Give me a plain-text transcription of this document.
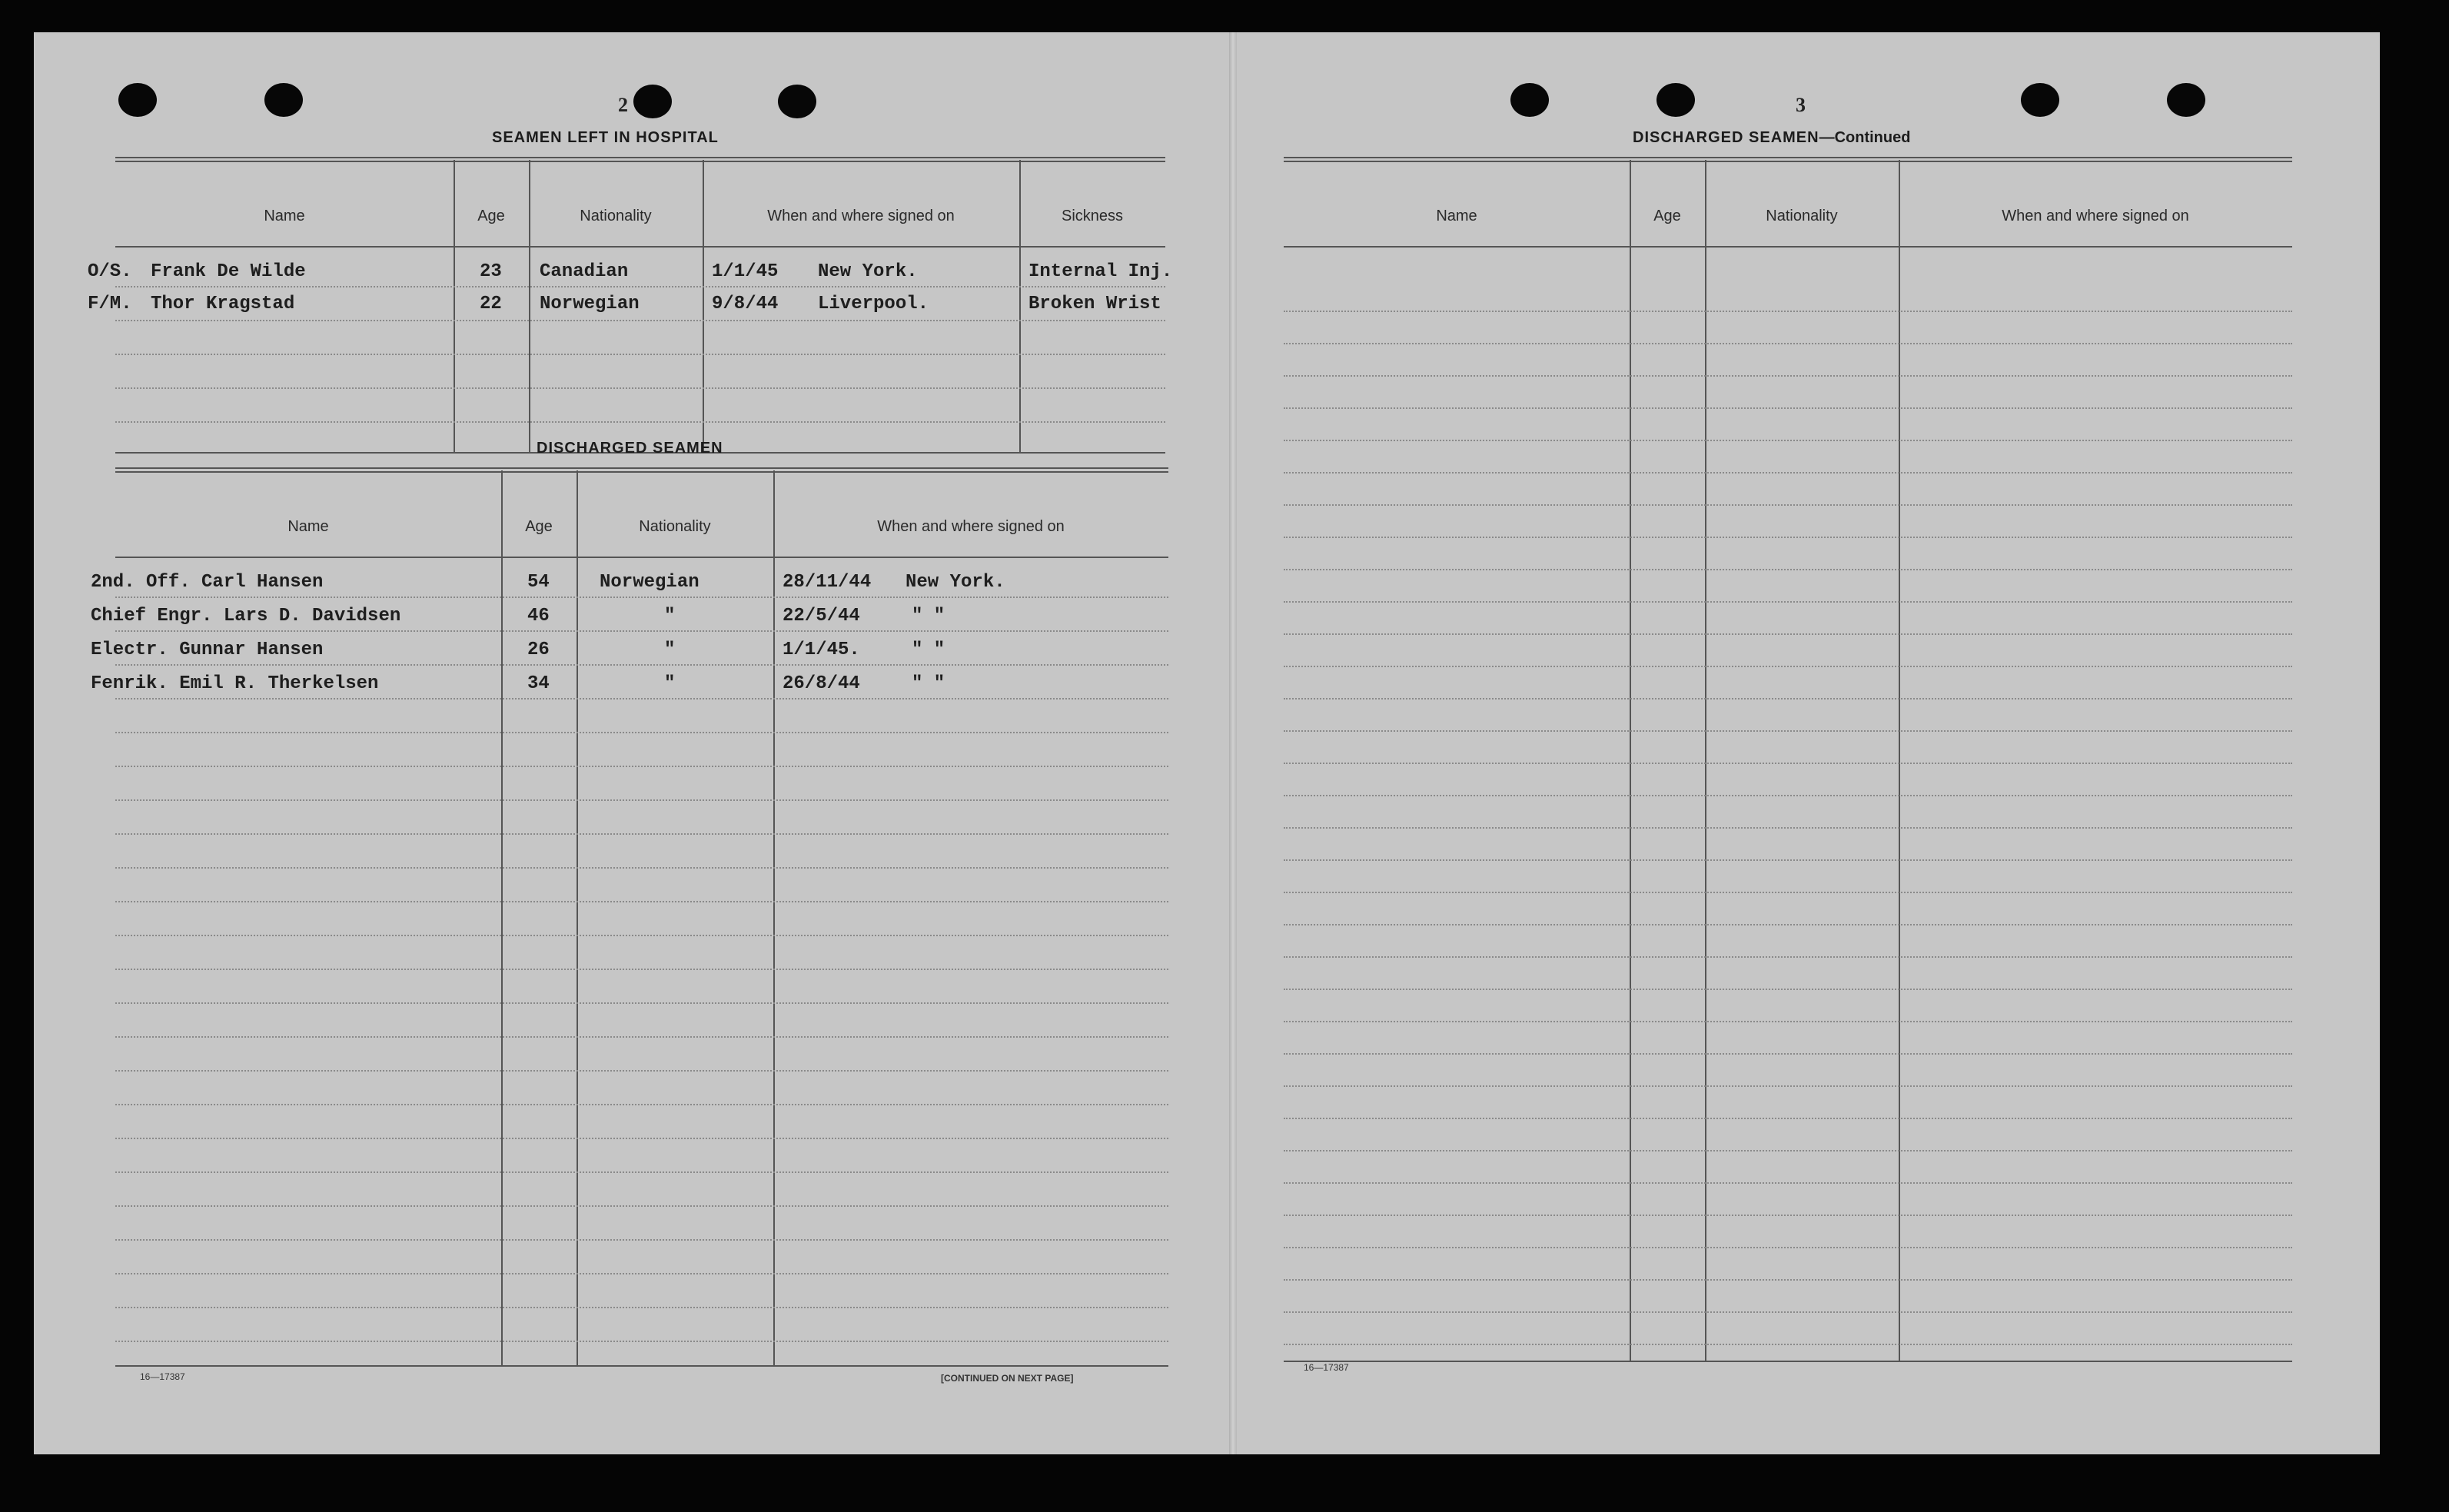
2
SEAMEN LEFT IN HOSPITAL
Name	Age	Nationality	When and where signed on	Sickness
O/S. Frank De Wilde	23 Canadian	1/1/45 New York.	Internal Inj.
F/M. Thor Kragstad	22 Norwegian	9/8/44 Liverpool.	Broken Wrist
DISCHARGED SEAMEN
Name	Age	Nationality	When and where signed on
2nd. Off. Carl Hansen	54	Norwegian	28/11/44 New York.
Chief Engr. Lars D. Davidsen	46	"	22/5/44	" "
Electr. Gunnar Hansen	26	"	1/1/45.	" "
Fenrik. Emil R. Therkelsen	34	"	26/8/44	" "
16—17387	[CONTINUED ON NEXT PAGE]
3
DISCHARGED SEAMEN—Continued
Name	Age	Nationality	When and where signed on
16—17387
